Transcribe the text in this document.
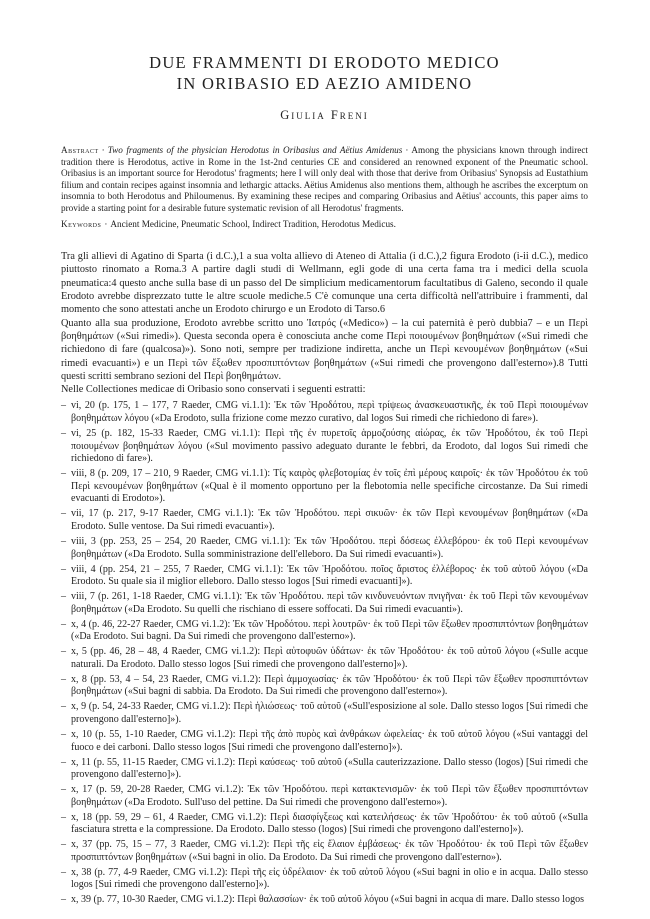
DUE FRAMMENTI DI ERODOTO MEDICO
IN ORIBASIO ED AEZIO AMIDENO
Giulia Freni

Abstract · Two fragments of the physician Herodotus in Oribasius and Aëtius Amidenus · Among the physicians known through indirect tradition there is Herodotus, active in Rome in the 1st-2nd centuries CE and considered an renowned exponent of the Pneumatic school. Oribasius is an important source for Herodotus' fragments; here I will only deal with those that derive from Oribasius' Synopsis ad Eustathium filium and contain recipes against insomnia and lethargic attacks. Aëtius Amidenus also mentions them, although he ascribes the excerptum on insomnia to both Herodotus and Philoumenus. By examining these recipes and comparing Oribasius and Aëtius' accounts, this paper aims to provide a starting point for a desirable future systematic revision of all Herodotus' fragments.

Keywords · Ancient Medicine, Pneumatic School, Indirect Tradition, Herodotus Medicus.

Tra gli allievi di Agatino di Sparta (i d.C.),1 a sua volta allievo di Ateneo di Attalia (i d.C.),2 figura Erodoto (i-ii d.C.), medico piuttosto rinomato a Roma.3 A partire dagli studi di Wellmann, egli gode di una certa fama tra i medici della scuola pneumatica:4 questo anche sulla base di un passo del De simplicium medicamentorum facultatibus di Galeno, secondo il quale Erodoto avrebbe disprezzato tutte le altre scuole mediche.5 C'è comunque una certa difficoltà nell'attribuire i frammenti, dal momento che sono attestati anche un Erodoto chirurgo e un Erodoto di Tarso.6

Quanto alla sua produzione, Erodoto avrebbe scritto uno Ἰατρός («Medico») – la cui paternità è però dubbia7 – e un Περὶ βοηθημάτων («Sui rimedi»). Questa seconda opera è conosciuta anche come Περὶ ποιουμένων βοηθημάτων («Sui rimedi che richiedono di fare (qualcosa)»). Sono noti, sempre per tradizione indiretta, anche un Περὶ κενουμένων βοηθημάτων («Sui rimedi evacuanti») e un Περὶ τῶν ἔξωθεν προσπιπτόντων βοηθημάτων («Sui rimedi che provengono dall'esterno»).8 Tutti questi scritti sembrano sezioni del Περὶ βοηθημάτων.

Nelle Collectiones medicae di Oribasio sono conservati i seguenti estratti:

– vi, 20 (p. 175, 1 – 177, 7 Raeder, CMG vi.1.1): Ἐκ τῶν Ἡροδότου, περὶ τρίψεως ἀνασκευαστικῆς, ἐκ τοῦ Περὶ ποιουμένων βοηθημάτων λόγου («Da Erodoto, sulla frizione come mezzo curativo, dal logos Sui rimedi che richiedono di fare»).
– vi, 25 (p. 182, 15-33 Raeder, CMG vi.1.1): Περὶ τῆς ἐν πυρετοῖς ἁρμοζούσης αἰώρας, ἐκ τῶν Ἡροδότου, ἐκ τοῦ Περὶ ποιουμένων βοηθημάτων λόγου («Sul movimento passivo adeguato durante le febbri, da Erodoto, dal logos Sui rimedi che richiedono di fare»).
– viii, 8 (p. 209, 17 – 210, 9 Raeder, CMG vi.1.1): Τίς καιρὸς φλεβοτομίας ἐν τοῖς ἐπὶ μέρους καιροῖς· ἐκ τῶν Ἡροδότου ἐκ τοῦ Περὶ κενουμένων βοηθημάτων («Qual è il momento opportuno per la flebotomia nelle specifiche circostanze. Da Sui rimedi evacuanti di Erodoto»).
– vii, 17 (p. 217, 9-17 Raeder, CMG vi.1.1): Ἐκ τῶν Ἡροδότου. περὶ σικυῶν· ἐκ τῶν Περὶ κενουμένων βοηθημάτων («Da Erodoto. Sulle ventose. Da Sui rimedi evacuanti»).
– viii, 3 (pp. 253, 25 – 254, 20 Raeder, CMG vi.1.1): Ἐκ τῶν Ἡροδότου. περὶ δόσεως ἐλλεβόρου· ἐκ τοῦ Περὶ κενουμένων βοηθημάτων («Da Erodoto. Sulla somministrazione dell'elleboro. Da Sui rimedi evacuanti»).
– viii, 4 (pp. 254, 21 – 255, 7 Raeder, CMG vi.1.1): Ἐκ τῶν Ἡροδότου. ποῖος ἄριστος ἐλλέβορος· ἐκ τοῦ αὐτοῦ λόγου («Da Erodoto. Su quale sia il miglior elleboro. Dallo stesso logos [Sui rimedi evacuanti]»).
– viii, 7 (p. 261, 1-18 Raeder, CMG vi.1.1): Ἐκ τῶν Ἡροδότου. περὶ τῶν κινδυνευόντων πνιγῆναι· ἐκ τοῦ Περὶ τῶν κενουμένων βοηθημάτων («Da Erodoto. Su quelli che rischiano di essere soffocati. Da Sui rimedi evacuanti»).
– x, 4 (p. 46, 22-27 Raeder, CMG vi.1.2): Ἐκ τῶν Ἡροδότου. περὶ λουτρῶν· ἐκ τοῦ Περὶ τῶν ἔξωθεν προσπιπτόντων βοηθημάτων («Da Erodoto. Sui bagni. Da Sui rimedi che provengono dall'esterno»).
– x, 5 (pp. 46, 28 – 48, 4 Raeder, CMG vi.1.2): Περὶ αὐτοφυῶν ὑδάτων· ἐκ τῶν Ἡροδότου· ἐκ τοῦ αὐτοῦ λόγου («Sulle acque naturali. Da Erodoto. Dallo stesso logos [Sui rimedi che provengono dall'esterno]»).
– x, 8 (pp. 53, 4 – 54, 23 Raeder, CMG vi.1.2): Περὶ ἀμμοχωσίας· ἐκ τῶν Ἡροδότου· ἐκ τοῦ Περὶ τῶν ἔξωθεν προσπιπτόντων βοηθημάτων («Sui bagni di sabbia. Da Erodoto. Da Sui rimedi che provengono dall'esterno»).
– x, 9 (p. 54, 24-33 Raeder, CMG vi.1.2): Περὶ ἡλιώσεως· τοῦ αὐτοῦ («Sull'esposizione al sole. Dallo stesso logos [Sui rimedi che provengono dall'esterno]»).
– x, 10 (p. 55, 1-10 Raeder, CMG vi.1.2): Περὶ τῆς ἀπὸ πυρὸς καὶ ἀνθράκων ὠφελείας· ἐκ τοῦ αὐτοῦ λόγου («Sui vantaggi del fuoco e dei carboni. Dallo stesso logos [Sui rimedi che provengono dall'esterno]»).
– x, 11 (p. 55, 11-15 Raeder, CMG vi.1.2): Περὶ καύσεως· τοῦ αὐτοῦ («Sulla cauterizzazione. Dallo stesso (logos) [Sui rimedi che provengono dall'esterno]»).
– x, 17 (p. 59, 20-28 Raeder, CMG vi.1.2): Ἐκ τῶν Ἡροδότου. περὶ κατακτενισμῶν· ἐκ τοῦ Περὶ τῶν ἔξωθεν προσπιπτόντων βοηθημάτων («Da Erodoto. Sull'uso del pettine. Da Sui rimedi che provengono dall'esterno»).
– x, 18 (pp. 59, 29 – 61, 4 Raeder, CMG vi.1.2): Περὶ διασφίγξεως καὶ κατειλήσεως· ἐκ τῶν Ἡροδότου· ἐκ τοῦ αὐτοῦ («Sulla fasciatura stretta e la compressione. Da Erodoto. Dallo stesso (logos) [Sui rimedi che provengono dall'esterno]»).
– x, 37 (pp. 75, 15 – 77, 3 Raeder, CMG vi.1.2): Περὶ τῆς εἰς ἔλαιον ἐμβάσεως· ἐκ τῶν Ἡροδότου· ἐκ τοῦ Περὶ τῶν ἔξωθεν προσπιπτόντων βοηθημάτων («Sui bagni in olio. Da Erodoto. Da Sui rimedi che provengono dall'esterno»).
– x, 38 (p. 77, 4-9 Raeder, CMG vi.1.2): Περὶ τῆς εἰς ὑδρέλαιον· ἐκ τοῦ αὐτοῦ λόγου («Sui bagni in olio e in acqua. Dallo stesso logos [Sui rimedi che provengono dall'esterno]»).
– x, 39 (p. 77, 10-30 Raeder, CMG vi.1.2): Περὶ θαλασσίων· ἐκ τοῦ αὐτοῦ λόγου («Sui bagni in acqua di mare. Dallo stesso logos
